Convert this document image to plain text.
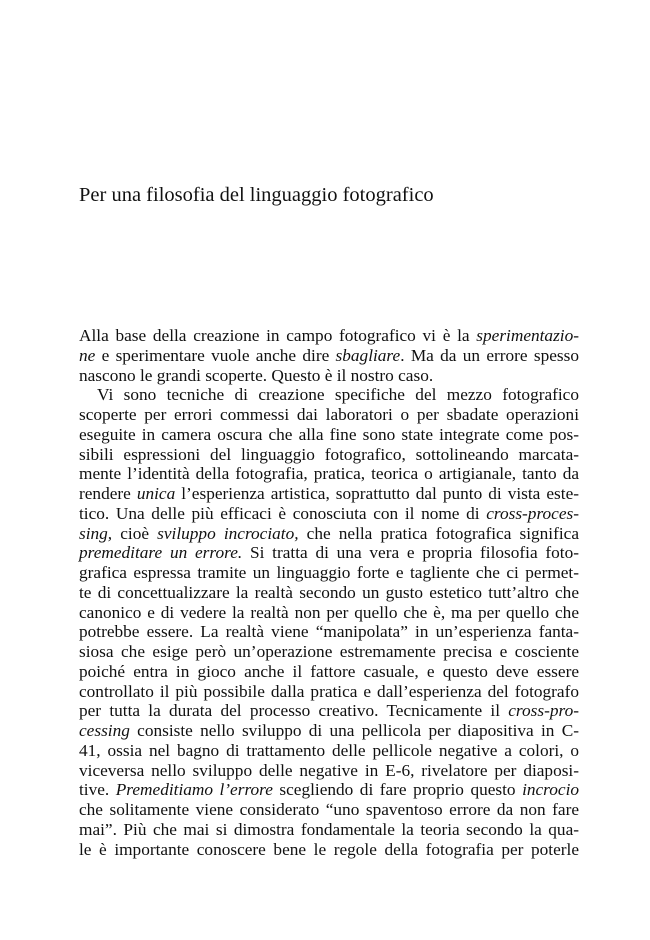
Per una filosofia del linguaggio fotografico
Alla base della creazione in campo fotografico vi è la sperimentazio-
ne e sperimentare vuole anche dire sbagliare. Ma da un errore spesso
nascono le grandi scoperte. Questo è il nostro caso.
Vi sono tecniche di creazione specifiche del mezzo fotografico
scoperte per errori commessi dai laboratori o per sbadate operazioni
eseguite in camera oscura che alla fine sono state integrate come pos-
sibili espressioni del linguaggio fotografico, sottolineando marcata-
mente l’identità della fotografia, pratica, teorica o artigianale, tanto da
rendere unica l’esperienza artistica, soprattutto dal punto di vista este-
tico. Una delle più efficaci è conosciuta con il nome di cross-proces-
sing, cioè sviluppo incrociato, che nella pratica fotografica significa
premeditare un errore. Si tratta di una vera e propria filosofia foto-
grafica espressa tramite un linguaggio forte e tagliente che ci permet-
te di concettualizzare la realtà secondo un gusto estetico tutt’altro che
canonico e di vedere la realtà non per quello che è, ma per quello che
potrebbe essere. La realtà viene “manipolata” in un’esperienza fanta-
siosa che esige però un’operazione estremamente precisa e cosciente
poiché entra in gioco anche il fattore casuale, e questo deve essere
controllato il più possibile dalla pratica e dall’esperienza del fotografo
per tutta la durata del processo creativo. Tecnicamente il cross-pro-
cessing consiste nello sviluppo di una pellicola per diapositiva in C-
41, ossia nel bagno di trattamento delle pellicole negative a colori, o
viceversa nello sviluppo delle negative in E-6, rivelatore per diaposi-
tive. Premeditiamo l’errore scegliendo di fare proprio questo incrocio
che solitamente viene considerato “uno spaventoso errore da non fare
mai”. Più che mai si dimostra fondamentale la teoria secondo la qua-
le è importante conoscere bene le regole della fotografia per poterle
